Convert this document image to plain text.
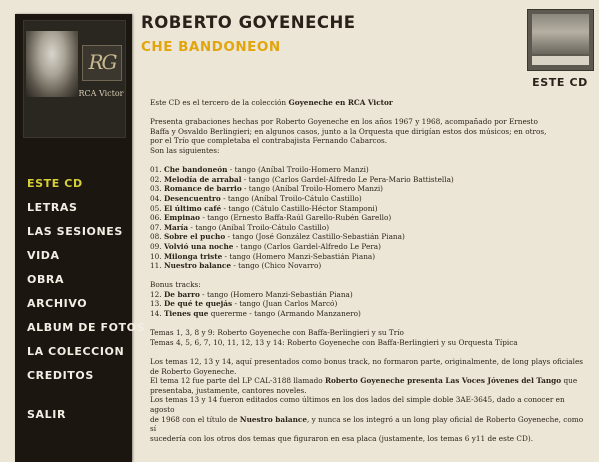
RG
RCA Victor
ESTE CD
LETRAS
LAS SESIONES
VIDA
OBRA
ARCHIVO
ALBUM DE FOTOS
LA COLECCION
CREDITOS
SALIR
ROBERTO GOYENECHE
CHE BANDONEON
ESTE CD

Este CD es el tercero de la colección Goyeneche en RCA Victor

Presenta grabaciones hechas por Roberto Goyeneche en los años 1967 y 1968, acompañado por Ernesto

Baffa y Osvaldo Berlingieri; en algunos casos, junto a la Orquesta que dirigían estos dos músicos; en otros,

por el Trío que completaba el contrabajista Fernando Cabarcos.

Son las siguientes:

01. Che bandoneón - tango (Aníbal Troilo-Homero Manzi)
02. Melodía de arrabal - tango (Carlos Gardel-Alfredo Le Pera-Mario Battistella)
03. Romance de barrio - tango (Aníbal Troilo-Homero Manzi)
04. Desencuentro - tango (Aníbal Troilo-Cátulo Castillo)
05. El último café - tango (Cátulo Castillo-Héctor Stamponi)
06. Empinao - tango (Ernesto Baffa-Raúl Garello-Rubén Garello)
07. María - tango (Aníbal Troilo-Cátulo Castillo)
08. Sobre el pucho - tango (José González Castillo-Sebastián Piana)
09. Volvió una noche - tango (Carlos Gardel-Alfredo Le Pera)
10. Milonga triste - tango (Homero Manzi-Sebastián Piana)
11. Nuestro balance - tango (Chico Novarro)

Bonus tracks:

12. De barro - tango (Homero Manzi-Sebastián Piana)
13. De qué te quejás - tango (Juan Carlos Marcó)
14. Tienes que quererme - tango (Armando Manzanero)

Temas 1, 3, 8 y 9: Roberto Goyeneche con Baffa-Berlingieri y su Trío

Temas 4, 5, 6, 7, 10, 11, 12, 13 y 14: Roberto Goyeneche con Baffa-Berlingieri y su Orquesta Típica

Los temas 12, 13 y 14, aquí presentados como bonus track, no formaron parte, originalmente, de long plays oficiales

de Roberto Goyeneche.

El tema 12 fue parte del LP CAL-3188 llamado Roberto Goyeneche presenta Las Voces Jóvenes del Tango que

presentaba, justamente, cantores noveles.

Los temas 13 y 14 fueron editados como últimos en los dos lados del simple doble 3AE-3645, dado a conocer en agosto

de 1968 con el título de Nuestro balance, y nunca se los integró a un long play oficial de Roberto Goyeneche, como sí

sucedería con los otros dos temas que figuraron en esa placa (justamente, los temas 6 y11 de este CD).
